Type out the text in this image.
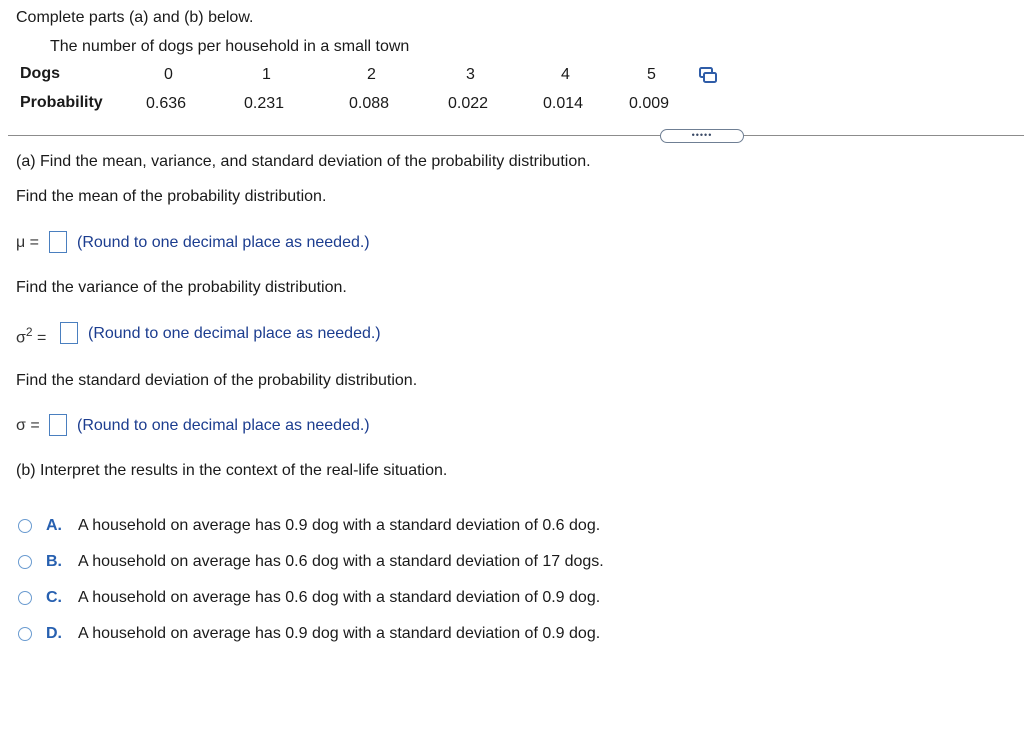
Complete parts (a) and (b) below.
The number of dogs per household in a small town
Dogs	0	1	2	3	4	5
Probability	0.636	0.231	0.088	0.022	0.014	0.009
•••••
(a) Find the mean, variance, and standard deviation of the probability distribution.
Find the mean of the probability distribution.
μ = (Round to one decimal place as needed.)
Find the variance of the probability distribution.
$\sigma^2$ =	(Round to one decimal place as needed.)
Find the standard deviation of the probability distribution.
σ = (Round to one decimal place as needed.)
(b) Interpret the results in the context of the real-life situation.
A. A household on average has 0.9 dog with a standard deviation of 0.6 dog.
B. A household on average has 0.6 dog with a standard deviation of 17 dogs.
C. A household on average has 0.6 dog with a standard deviation of 0.9 dog.
D. A household on average has 0.9 dog with a standard deviation of 0.9 dog.
